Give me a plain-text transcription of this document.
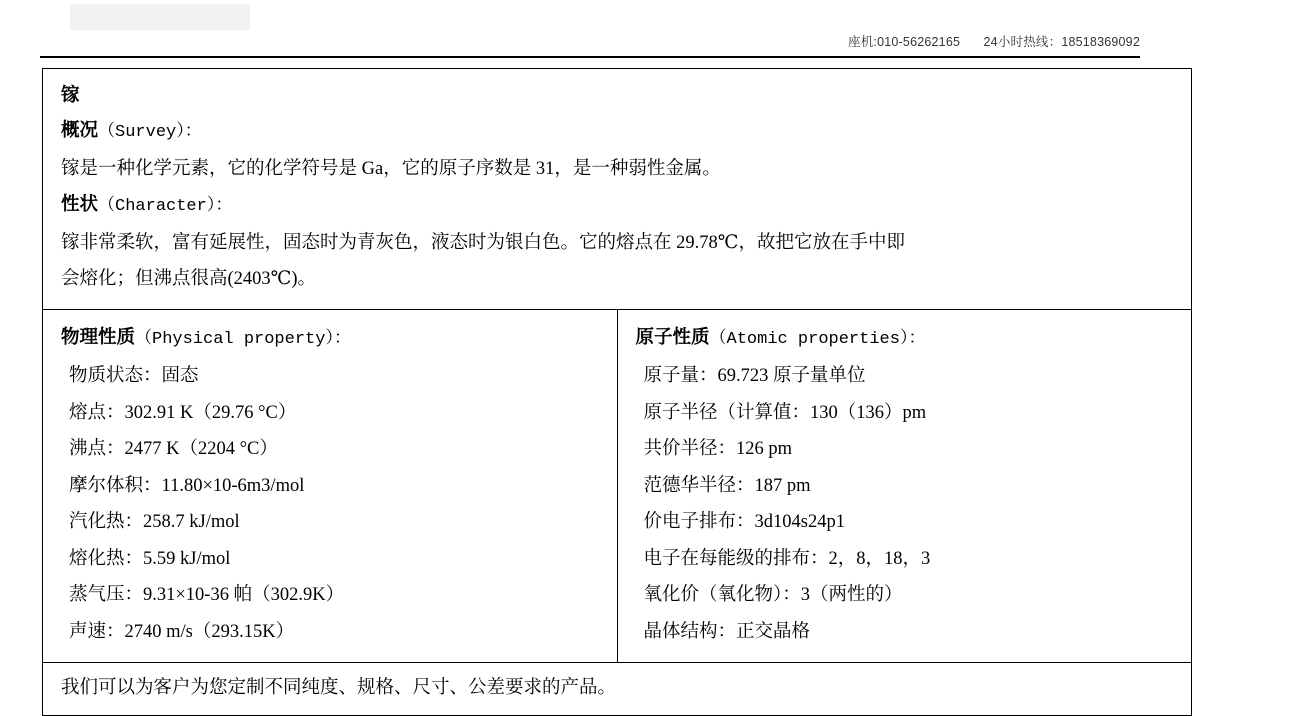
座机:010-56262165 24小时热线：18518369092
镓
概况（Survey）：
镓是一种化学元素，它的化学符号是 Ga，它的原子序数是 31，是一种弱性金属。
性状（Character）：
镓非常柔软，富有延展性，固态时为青灰色，液态时为银白色。它的熔点在 29.78℃，故把它放在手中即
会熔化；但沸点很高(2403℃)。

物理性质（Physical property）：
物质状态：固态
熔点：302.91 K（29.76 °C）
沸点：2477 K（2204 °C）
摩尔体积：11.80×10-6m3/mol
汽化热：258.7 kJ/mol
熔化热：5.59 kJ/mol
蒸气压：9.31×10-36 帕（302.9K）
声速：2740 m/s（293.15K）

原子性质（Atomic properties）：
原子量：69.723 原子量单位
原子半径（计算值：130（136）pm
共价半径：126 pm
范德华半径：187 pm
价电子排布：3d104s24p1
电子在每能级的排布：2，8，18，3
氧化价（氧化物）：3（两性的）
晶体结构：正交晶格

我们可以为客户为您定制不同纯度、规格、尺寸、公差要求的产品。
